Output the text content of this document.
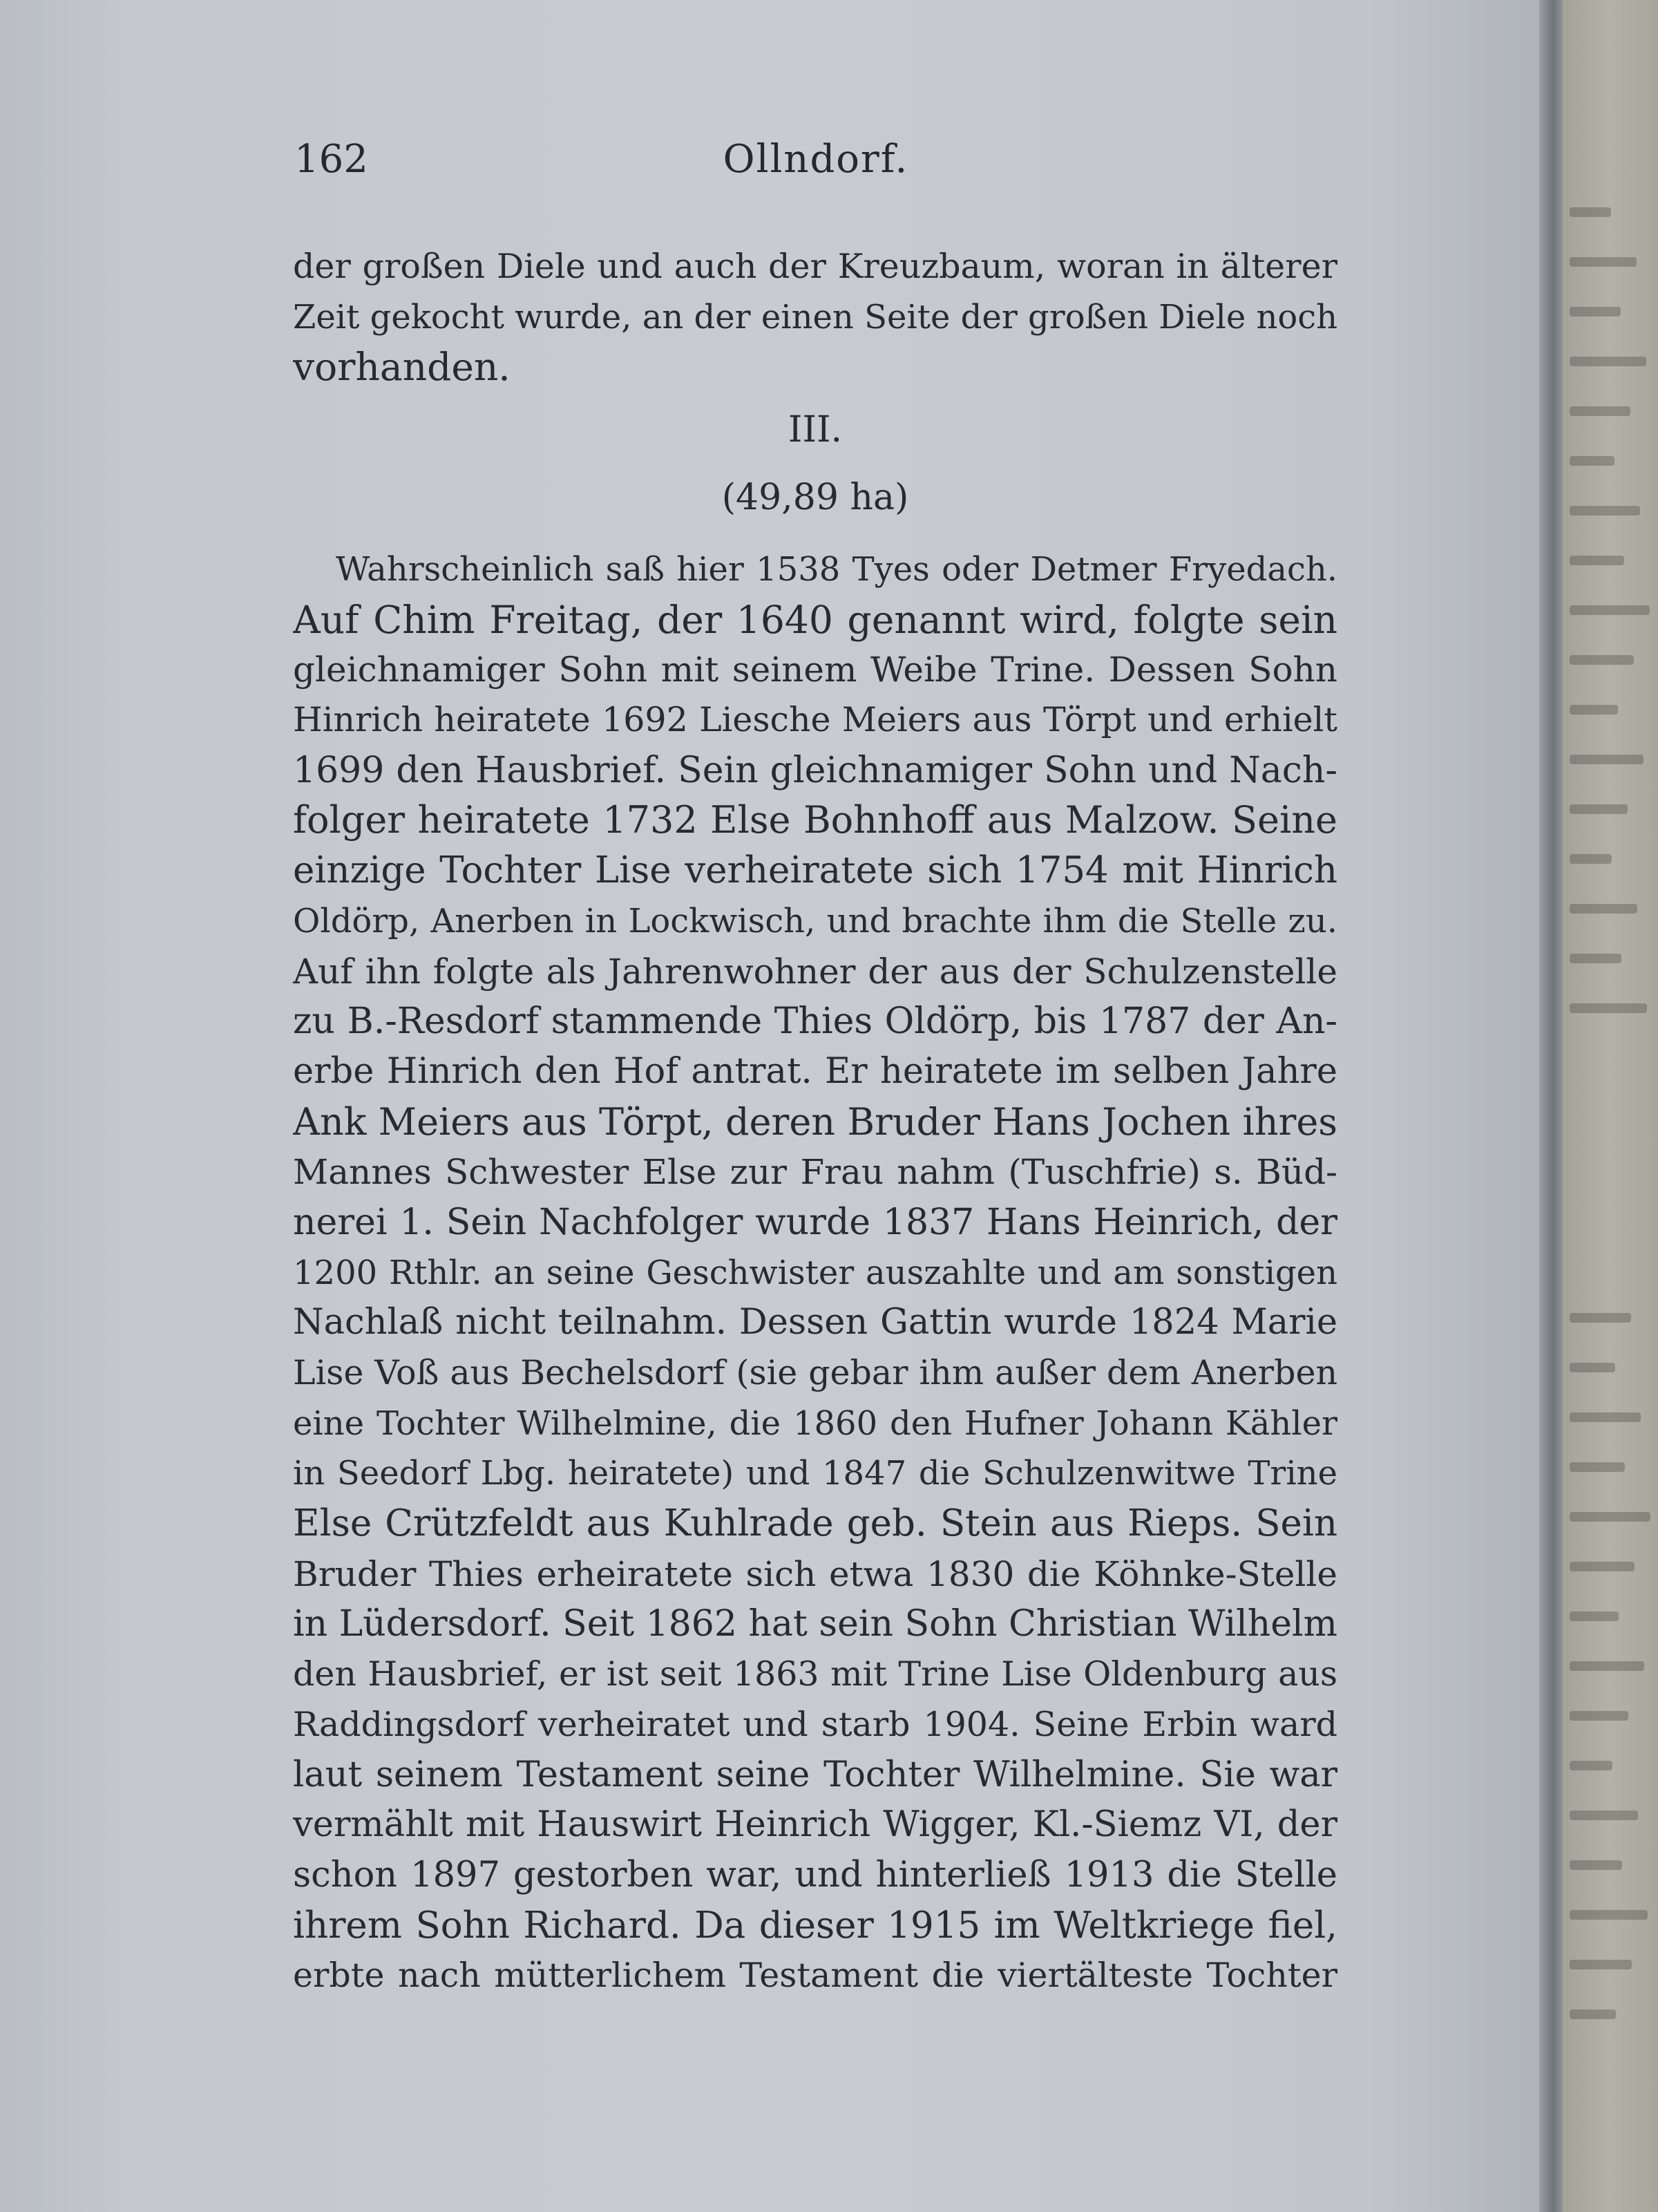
162	Ollndorf.
der großen Diele und auch der Kreuzbaum, woran in älterer
Zeit gekocht wurde, an der einen Seite der großen Diele noch
vorhanden.
III.
(49,89 ha)
Wahrscheinlich saß hier 1538 Tyes oder Detmer Fryedach.
Auf Chim Freitag, der 1640 genannt wird, folgte sein
gleichnamiger Sohn mit seinem Weibe Trine. Dessen Sohn
Hinrich heiratete 1692 Liesche Meiers aus Törpt und erhielt
1699 den Hausbrief. Sein gleichnamiger Sohn und Nach-
folger heiratete 1732 Else Bohnhoff aus Malzow. Seine
einzige Tochter Lise verheiratete sich 1754 mit Hinrich
Oldörp, Anerben in Lockwisch, und brachte ihm die Stelle zu.
Auf ihn folgte als Jahrenwohner der aus der Schulzenstelle
zu B.-Resdorf stammende Thies Oldörp, bis 1787 der An-
erbe Hinrich den Hof antrat. Er heiratete im selben Jahre
Ank Meiers aus Törpt, deren Bruder Hans Jochen ihres
Mannes Schwester Else zur Frau nahm (Tuschfrie) s. Büd-
nerei 1. Sein Nachfolger wurde 1837 Hans Heinrich, der
1200 Rthlr. an seine Geschwister auszahlte und am sonstigen
Nachlaß nicht teilnahm. Dessen Gattin wurde 1824 Marie
Lise Voß aus Bechelsdorf (sie gebar ihm außer dem Anerben
eine Tochter Wilhelmine, die 1860 den Hufner Johann Kähler
in Seedorf Lbg. heiratete) und 1847 die Schulzenwitwe Trine
Else Crützfeldt aus Kuhlrade geb. Stein aus Rieps. Sein
Bruder Thies erheiratete sich etwa 1830 die Köhnke-Stelle
in Lüdersdorf. Seit 1862 hat sein Sohn Christian Wilhelm
den Hausbrief, er ist seit 1863 mit Trine Lise Oldenburg aus
Raddingsdorf verheiratet und starb 1904. Seine Erbin ward
laut seinem Testament seine Tochter Wilhelmine. Sie war
vermählt mit Hauswirt Heinrich Wigger, Kl.-Siemz VI, der
schon 1897 gestorben war, und hinterließ 1913 die Stelle
ihrem Sohn Richard. Da dieser 1915 im Weltkriege fiel,
erbte nach mütterlichem Testament die viertälteste Tochter
